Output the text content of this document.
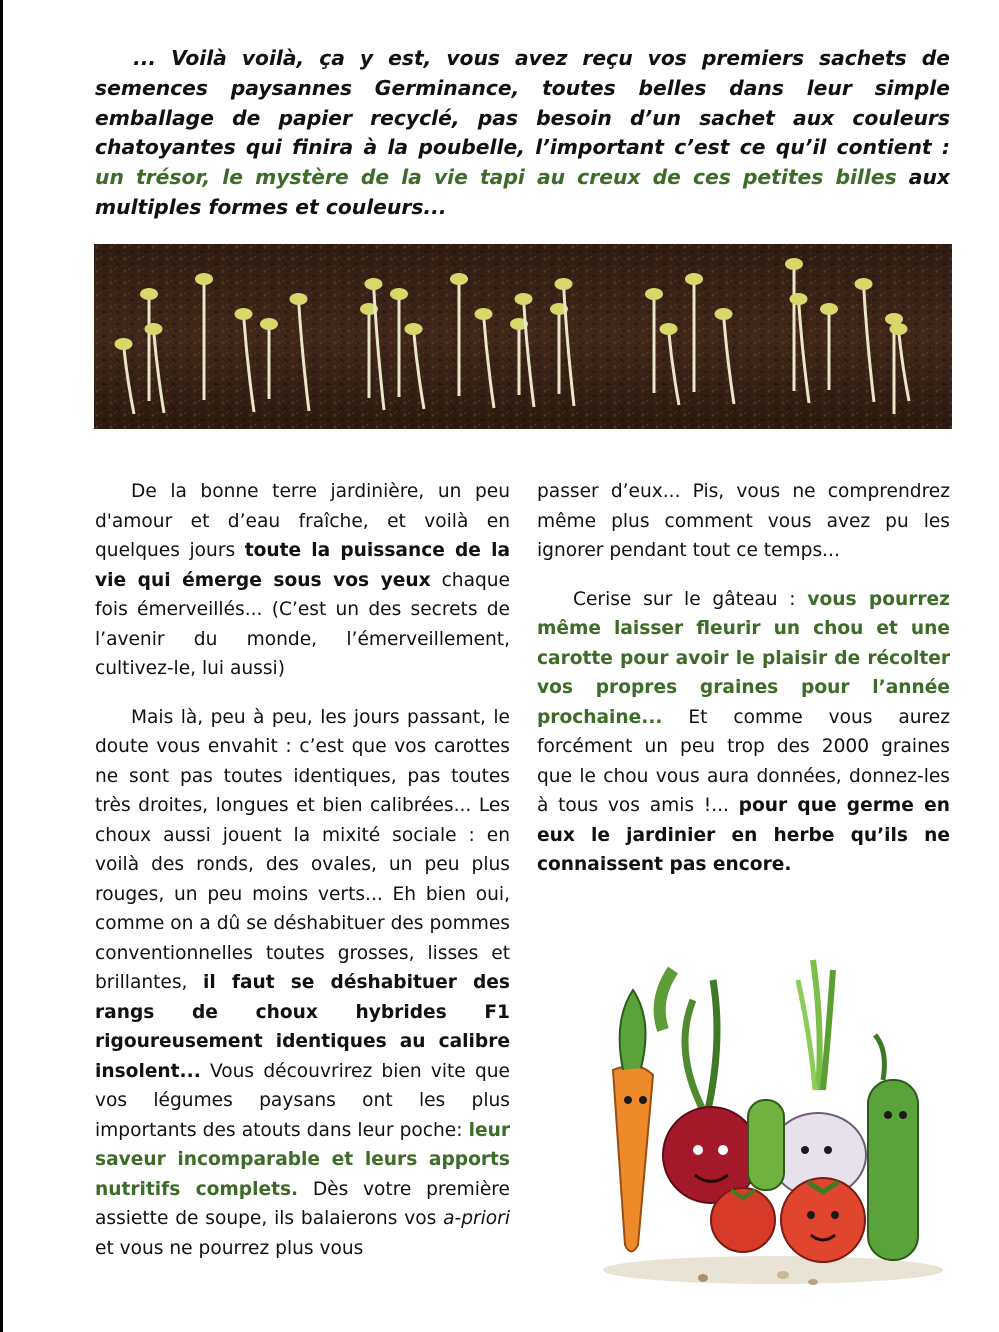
... Voilà voilà, ça y est, vous avez reçu vos premiers sachets de semences paysannes Germinance, toutes belles dans leur simple emballage de papier recyclé, pas besoin d’un sachet aux couleurs chatoyantes qui finira à la poubelle, l’important c’est ce qu’il contient : un trésor, le mystère de la vie tapi au creux de ces petites billes aux multiples formes et couleurs...

De la bonne terre jardinière, un peu d'amour et d’eau fraîche, et voilà en quelques jours toute la puissance de la vie qui émerge sous vos yeux chaque fois émerveillés... (C’est un des secrets de l’avenir du monde, l’émerveillement, cultivez-le, lui aussi)

Mais là, peu à peu, les jours passant, le doute vous envahit : c’est que vos carottes ne sont pas toutes identiques, pas toutes très droites, longues et bien calibrées... Les choux aussi jouent la mixité sociale : en voilà des ronds, des ovales, un peu plus rouges, un peu moins verts... Eh bien oui, comme on a dû se déshabituer des pommes conventionnelles toutes grosses, lisses et brillantes, il faut se déshabituer des rangs de choux hybrides F1 rigoureusement identiques au calibre insolent... Vous découvrirez bien vite que vos légumes paysans ont les plus importants des atouts dans leur poche: leur saveur incomparable et leurs apports nutritifs complets. Dès votre première assiette de soupe, ils balaierons vos a-priori et vous ne pourrez plus vous

passer d’eux... Pis, vous ne comprendrez même plus comment vous avez pu les ignorer pendant tout ce temps...

Cerise sur le gâteau : vous pourrez même laisser fleurir un chou et une carotte pour avoir le plaisir de récolter vos propres graines pour l’année prochaine... Et comme vous aurez forcément un peu trop des 2000 graines que le chou vous aura données, donnez-les à tous vos amis !... pour que germe en eux le jardinier en herbe qu’ils ne connaissent pas encore.
